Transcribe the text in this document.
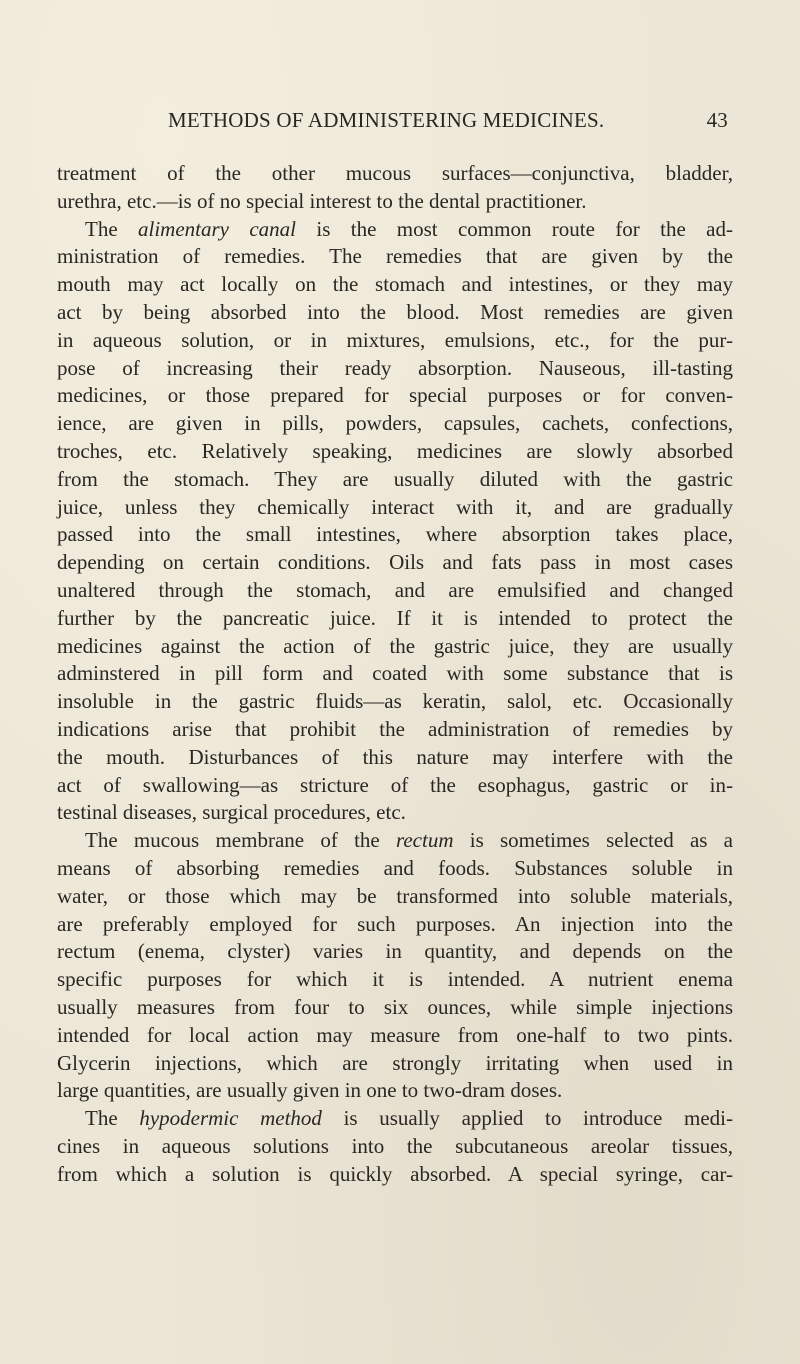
METHODS OF ADMINISTERING MEDICINES.	43
treatment of the other mucous surfaces—conjunctiva, bladder,
urethra, etc.—is of no special interest to the dental practitioner.
The alimentary canal is the most common route for the ad-
ministration of remedies. The remedies that are given by the
mouth may act locally on the stomach and intestines, or they may
act by being absorbed into the blood. Most remedies are given
in aqueous solution, or in mixtures, emulsions, etc., for the pur-
pose of increasing their ready absorption. Nauseous, ill-tasting
medicines, or those prepared for special purposes or for conven-
ience, are given in pills, powders, capsules, cachets, confections,
troches, etc. Relatively speaking, medicines are slowly absorbed
from the stomach. They are usually diluted with the gastric
juice, unless they chemically interact with it, and are gradually
passed into the small intestines, where absorption takes place,
depending on certain conditions. Oils and fats pass in most cases
unaltered through the stomach, and are emulsified and changed
further by the pancreatic juice. If it is intended to protect the
medicines against the action of the gastric juice, they are usually
adminstered in pill form and coated with some substance that is
insoluble in the gastric fluids—as keratin, salol, etc. Occasionally
indications arise that prohibit the administration of remedies by
the mouth. Disturbances of this nature may interfere with the
act of swallowing—as stricture of the esophagus, gastric or in-
testinal diseases, surgical procedures, etc.
The mucous membrane of the rectum is sometimes selected as a
means of absorbing remedies and foods. Substances soluble in
water, or those which may be transformed into soluble materials,
are preferably employed for such purposes. An injection into the
rectum (enema, clyster) varies in quantity, and depends on the
specific purposes for which it is intended. A nutrient enema
usually measures from four to six ounces, while simple injections
intended for local action may measure from one-half to two pints.
Glycerin injections, which are strongly irritating when used in
large quantities, are usually given in one to two-dram doses.
The hypodermic method is usually applied to introduce medi-
cines in aqueous solutions into the subcutaneous areolar tissues,
from which a solution is quickly absorbed. A special syringe, car-
